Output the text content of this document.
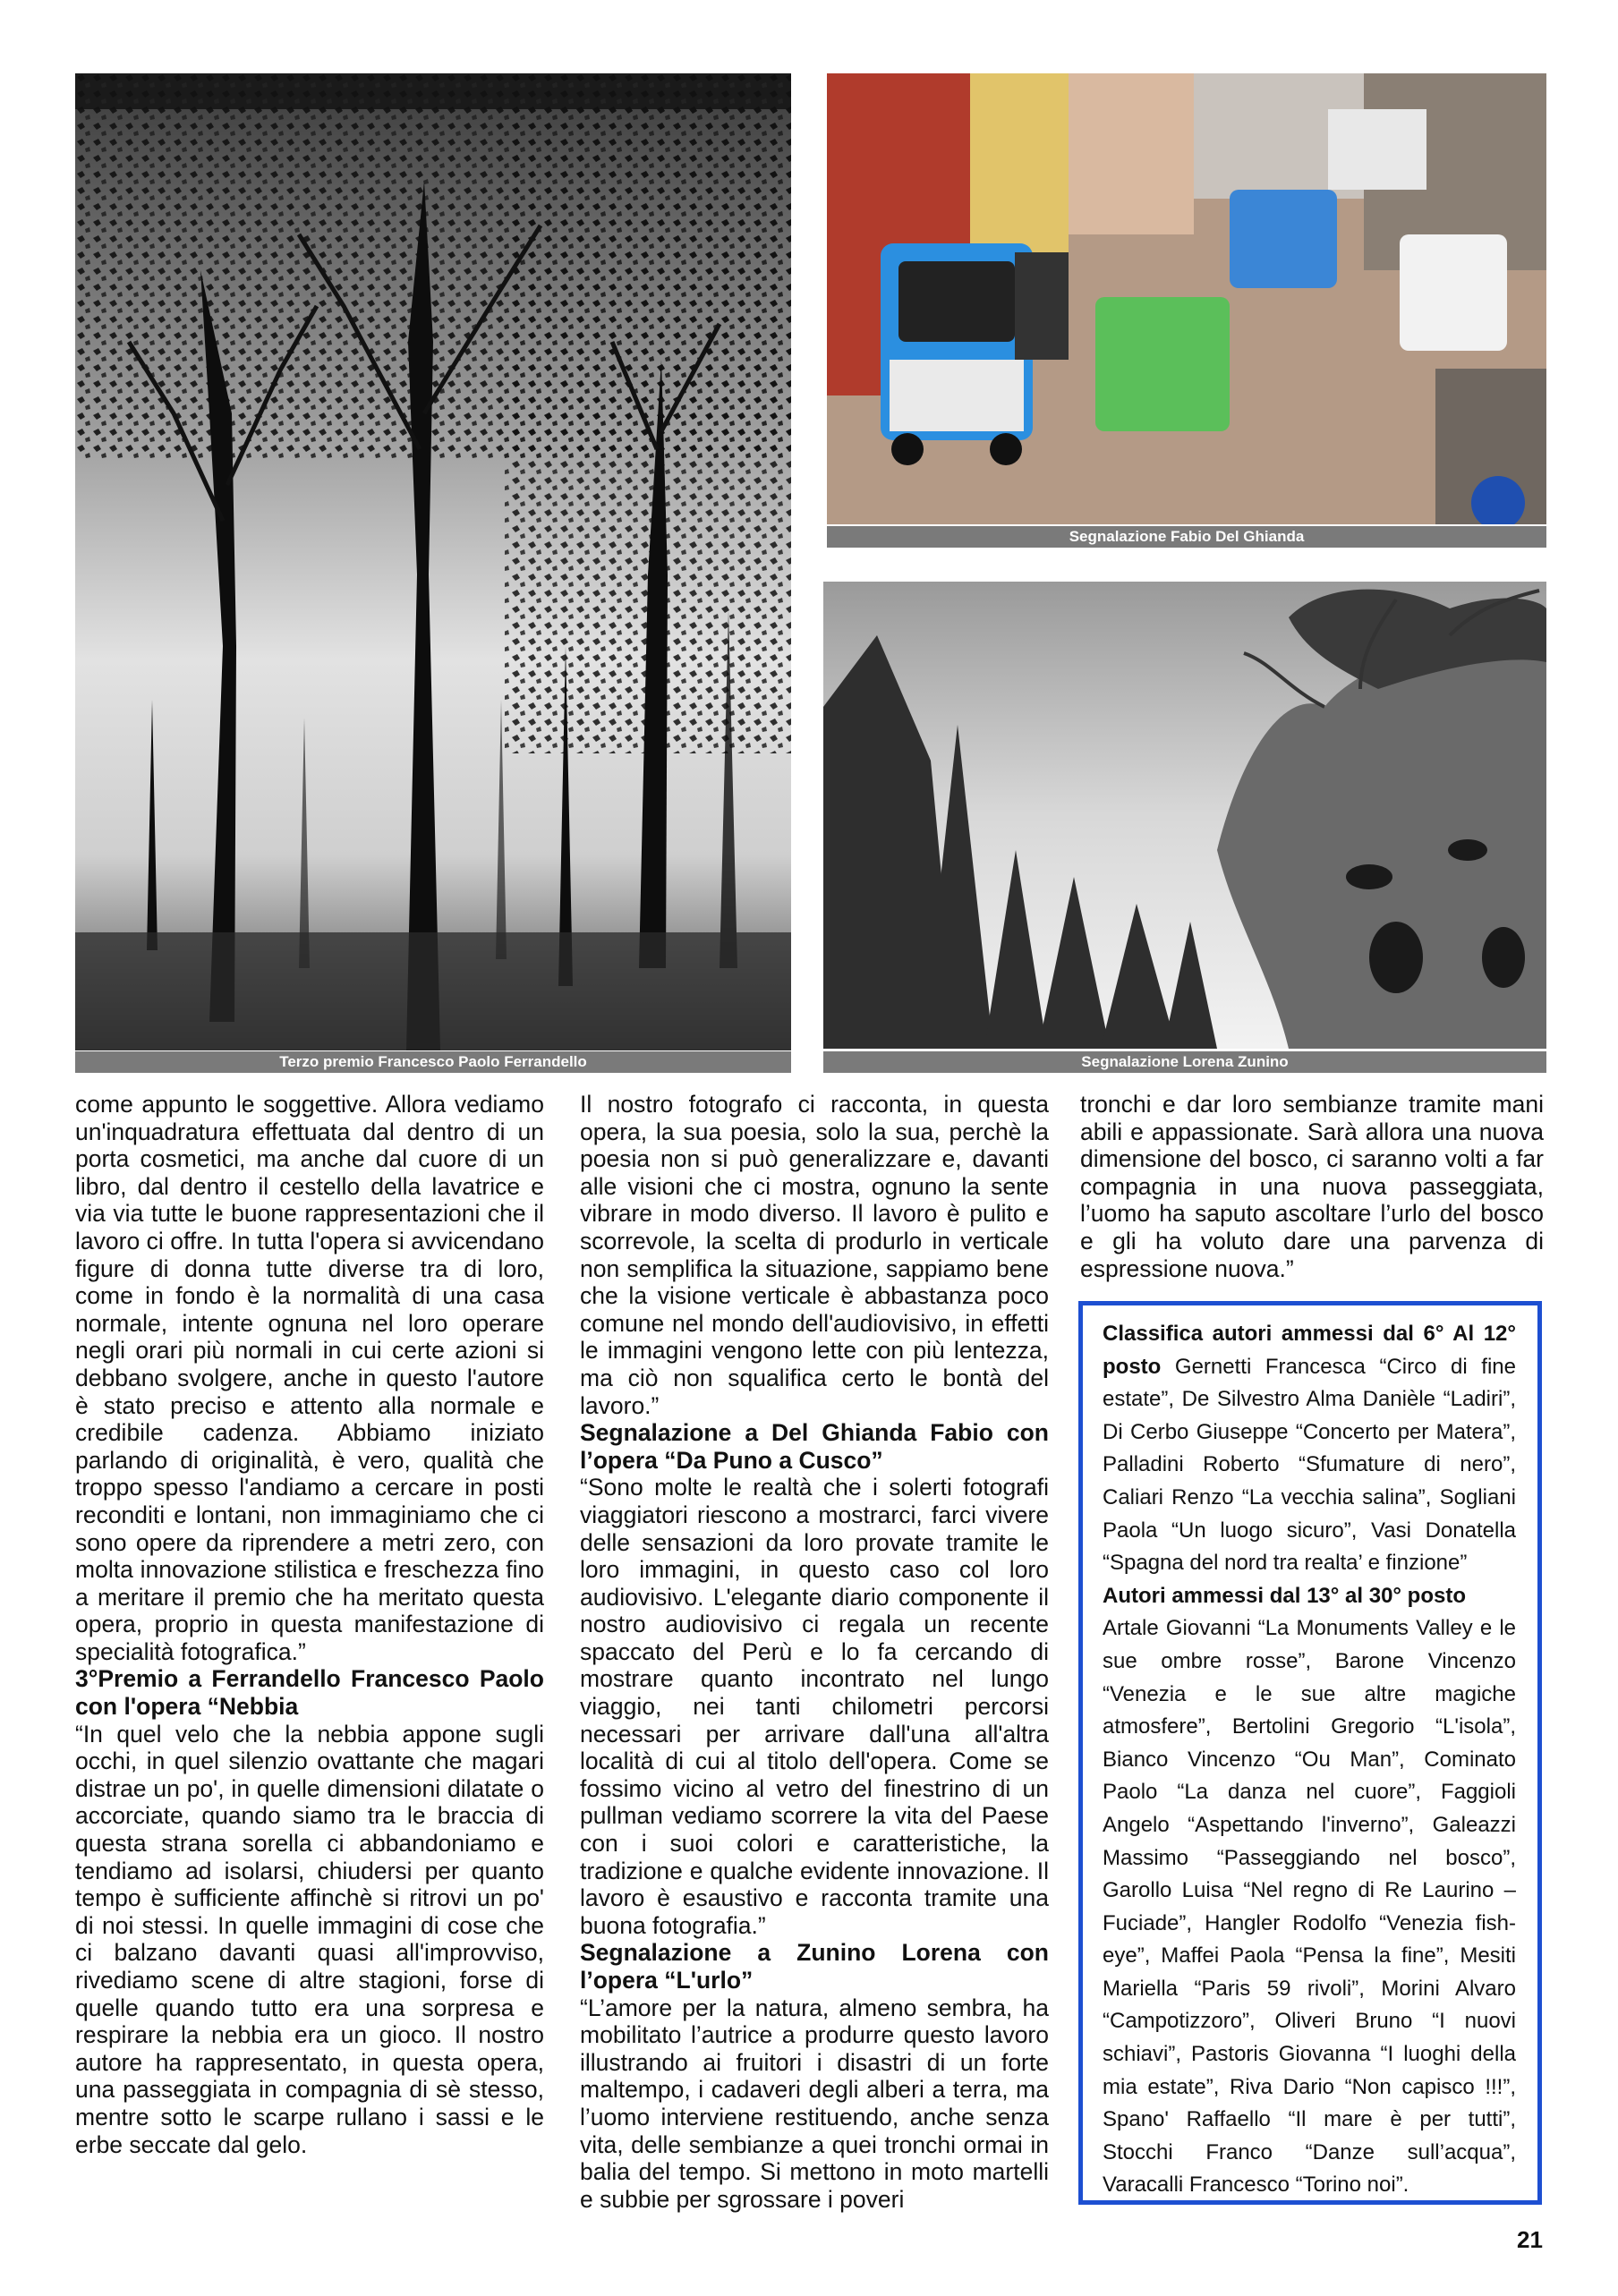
Terzo premio Francesco Paolo Ferrandello
Segnalazione Fabio Del Ghianda
Segnalazione Lorena Zunino

come appunto le soggettive. Allora vediamo un'inquadratura effettuata dal dentro di un porta cosmetici, ma anche dal cuore di un libro, dal dentro il cestello della lavatrice e via via tutte le buone rappresentazioni che il lavoro ci offre. In tutta l'opera si avvicendano figure di donna tutte diverse tra di loro, come in fondo è la normalità di una casa normale, intente ognuna nel loro operare negli orari più normali in cui certe azioni si debbano svolgere, anche in questo l'autore è stato preciso e attento alla normale e credibile cadenza. Abbiamo iniziato parlando di originalità, è vero, qualità che troppo spesso l'andiamo a cercare in posti reconditi e lontani, non immaginiamo che ci sono opere da riprendere a metri zero, con molta innovazione stilistica e freschezza fino a meritare il premio che ha meritato questa opera, proprio in questa manifestazione di specialità fotografica.”

3°Premio a Ferrandello Francesco Paolo con l'opera “Nebbia

“In quel velo che la nebbia appone sugli occhi, in quel silenzio ovattante che magari distrae un po', in quelle dimensioni dilatate o accorciate, quando siamo tra le braccia di questa strana sorella ci abbandoniamo e tendiamo ad isolarsi, chiudersi per quanto tempo è sufficiente affinchè si ritrovi un po' di noi stessi. In quelle immagini di cose che ci balzano davanti quasi all'improvviso, rivediamo scene di altre stagioni, forse di quelle quando tutto era una sorpresa e respirare la nebbia era un gioco. Il nostro autore ha rappresentato, in questa opera, una passeggiata in compagnia di sè stesso, mentre sotto le scarpe rullano i sassi e le erbe seccate dal gelo.

Il nostro fotografo ci racconta, in questa opera, la sua poesia, solo la sua, perchè la poesia non si può generalizzare e, davanti alle visioni che ci mostra, ognuno la sente vibrare in modo diverso. Il lavoro è pulito e scorrevole, la scelta di produrlo in verticale non semplifica la situazione, sappiamo bene che la visione verticale è abbastanza poco comune nel mondo dell'audiovisivo, in effetti le immagini vengono lette con più lentezza, ma ciò non squalifica certo le bontà del lavoro.”

Segnalazione a Del Ghianda Fabio con l’opera “Da Puno a Cusco”

“Sono molte le realtà che i solerti fotografi viaggiatori riescono a mostrarci, farci vivere delle sensazioni da loro provate tramite le loro immagini, in questo caso col loro audiovisivo. L'elegante diario componente il nostro audiovisivo ci regala un recente spaccato del Perù e lo fa cercando di mostrare quanto incontrato nel lungo viaggio, nei tanti chilometri percorsi necessari per arrivare dall'una all'altra località di cui al titolo dell'opera. Come se fossimo vicino al vetro del finestrino di un pullman vediamo scorrere la vita del Paese con i suoi colori e caratteristiche, la tradizione e qualche evidente innovazione. Il lavoro è esaustivo e racconta tramite una buona fotografia.”

Segnalazione a Zunino Lorena con l’opera “L'urlo”

“L’amore per la natura, almeno sembra, ha mobilitato l’autrice a produrre questo lavoro illustrando ai fruitori i disastri di un forte maltempo, i cadaveri degli alberi a terra, ma l’uomo interviene restituendo, anche senza vita, delle sembianze a quei tronchi ormai in balia del tempo. Si mettono in moto martelli e subbie per sgrossare i poveri

tronchi e dar loro sembianze tramite mani abili e appassionate. Sarà allora una nuova dimensione del bosco, ci saranno volti a far compagnia in una nuova passeggiata, l’uomo ha saputo ascoltare l’urlo del bosco e gli ha voluto dare una parvenza di espressione nuova.”

Classifica autori ammessi dal 6° Al 12° posto Gernetti Francesca “Circo di fine estate”, De Silvestro Alma Danièle “Ladiri”, Di Cerbo Giuseppe “Concerto per Matera”, Palladini Roberto “Sfumature di nero”, Caliari Renzo “La vecchia salina”, Sogliani Paola “Un luogo sicuro”, Vasi Donatella “Spagna del nord tra realta’ e finzione”

Autori ammessi dal 13° al 30° posto

Artale Giovanni “La Monuments Valley e le sue ombre rosse”, Barone Vincenzo “Venezia e le sue altre magiche atmosfere”, Bertolini Gregorio “L'isola”, Bianco Vincenzo “Ou Man”, Cominato Paolo “La danza nel cuore”, Faggioli Angelo “Aspettando l'inverno”, Galeazzi Massimo “Passeggiando nel bosco”, Garollo Luisa “Nel regno di Re Laurino – Fuciade”, Hangler Rodolfo “Venezia fish-eye”, Maffei Paola “Pensa la fine”, Mesiti Mariella “Paris 59 rivoli”, Morini Alvaro “Campotizzoro”, Oliveri Bruno “I nuovi schiavi”, Pastoris Giovanna “I luoghi della mia estate”, Riva Dario “Non capisco !!!”, Spano' Raffaello “Il mare è per tutti”, Stocchi Franco “Danze sull’acqua”, Varacalli Francesco “Torino noi”.

21
